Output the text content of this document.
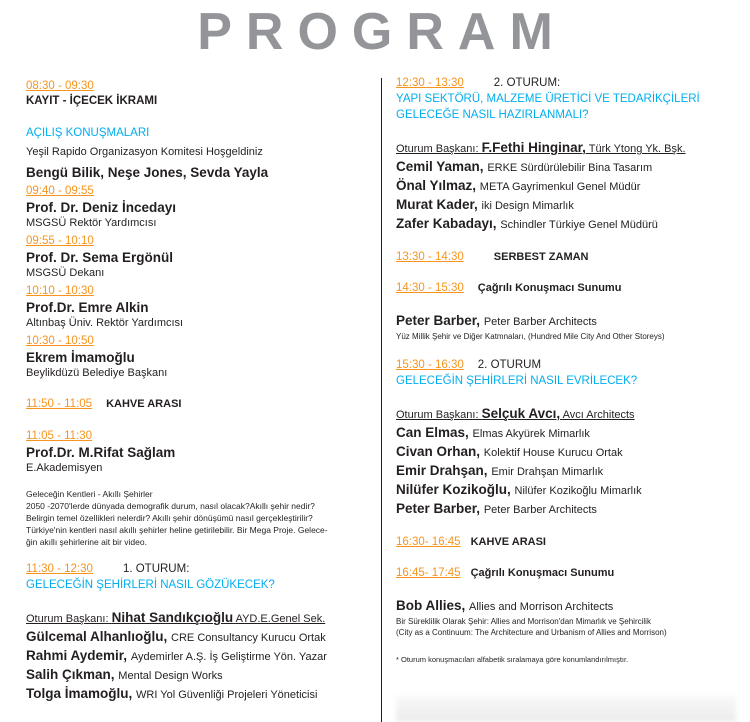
PROGRAM
08:30 - 09:30
KAYIT - İÇECEK İKRAMI
AÇILIŞ KONUŞMALARI
Yeşil Rapido Organizasyon Komitesi Hoşgeldiniz
Bengü Bilik, Neşe Jones, Sevda Yayla
09:40 - 09:55
Prof. Dr. Deniz İncedayı
MSGSÜ Rektör Yardımcısı
09:55 - 10:10
Prof. Dr. Sema Ergönül
MSGSÜ Dekanı
10:10 - 10:30
Prof.Dr. Emre Alkin
Altınbaş Üniv. Rektör Yardımcısı
10:30 - 10:50
Ekrem İmamoğlu
Beylikdüzü Belediye Başkanı
11:50 - 11:05 KAHVE ARASI
11:05 - 11:30
Prof.Dr. M.Rifat Sağlam
E.Akademisyen
Geleceğin Kentleri - Akıllı Şehirler
2050 -2070'lerde dünyada demografik durum, nasıl olacak?Akıllı şehir nedir?
Belirgin temel özellikleri nelerdir? Akıllı şehir dönüşümü nasıl gerçekleştirilir?
Türkiye'nin kentleri nasıl akıllı şehirler heline getirilebilir. Bir Mega Proje. Gelece-
ğin akıllı şehirlerine ait bir video.
11:30 - 12:30	1. OTURUM:
GELECEĞİN ŞEHİRLERİ NASIL GÖZÜKECEK?
Oturum Başkanı: Nihat Sandıkçıoğlu AYD.E.Genel Sek.
Gülcemal Alhanlıoğlu, CRE Consultancy Kurucu Ortak
Rahmi Aydemir, Aydemirler A.Ş. İş Geliştirme Yön. Yazar
Salih Çıkman, Mental Design Works
Tolga İmamoğlu, WRI Yol Güvenliği Projeleri Yöneticisi
12:30 - 13:30	2. OTURUM:
YAPI SEKTÖRÜ, MALZEME ÜRETİCİ VE TEDARİKÇİLERİ
GELECEĞE NASIL HAZIRLANMALI?
Oturum Başkanı: F.Fethi Hinginar, Türk Ytong Yk. Bşk.
Cemil Yaman, ERKE Sürdürülebilir Bina Tasarım
Önal Yılmaz, META Gayrimenkul Genel Müdür
Murat Kader, iki Design Mimarlık
Zafer Kabadayı, Schindler Türkiye Genel Müdürü
13:30 - 14:30	SERBEST ZAMAN
14:30 - 15:30 Çağrılı Konuşmacı Sunumu
Peter Barber, Peter Barber Architects
Yüz Millik Şehir ve Diğer Katmnaları, (Hundred Mile City And Other Storeys)
15:30 - 16:30 2. OTURUM
GELECEĞİN ŞEHİRLERİ NASIL EVRİLECEK?
Oturum Başkanı: Selçuk Avcı, Avcı Architects
Can Elmas, Elmas Akyürek Mimarlık
Civan Orhan, Kolektif House Kurucu Ortak
Emir Drahşan, Emir Drahşan Mimarlık
Nilüfer Kozikoğlu, Nilüfer Kozikoğlu Mimarlık
Peter Barber, Peter Barber Architects
16:30- 16:45 KAHVE ARASI
16:45- 17:45 Çağrılı Konuşmacı Sunumu
Bob Allies, Allies and Morrison Architects
Bir Süreklilik Olarak Şehir: Allies and Morrison'dan Mimarlık ve Şehircilik
(City as a Continuum: The Architecture and Urbanism of Allies and Morrison)
* Oturum konuşmacıları alfabetik sıralamaya göre konumlandırılmıştır.
